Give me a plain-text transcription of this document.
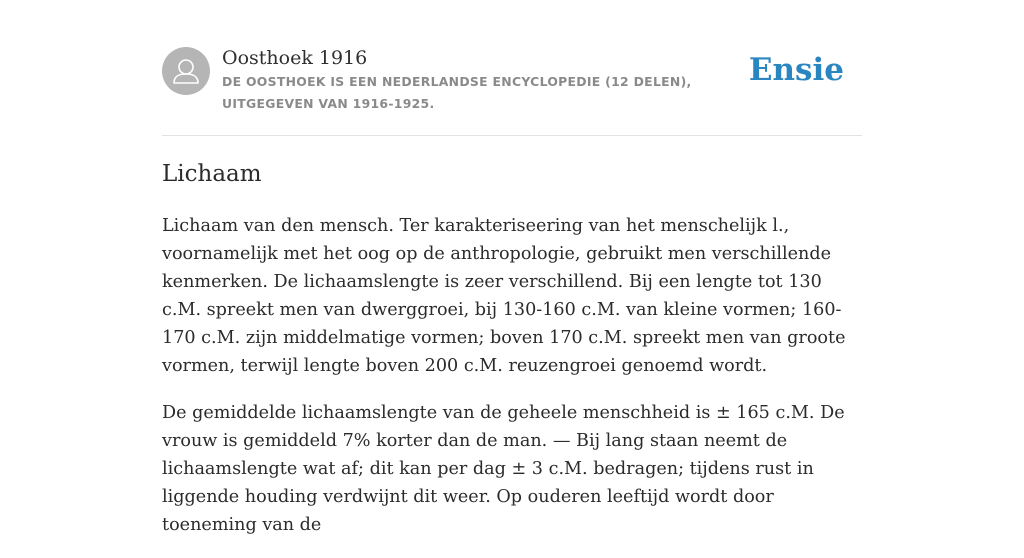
Oosthoek 1916
DE OOSTHOEK IS EEN NEDERLANDSE ENCYCLOPEDIE (12 DELEN), UITGEGEVEN VAN 1916-1925.
Ensie
Lichaam

Lichaam van den mensch. Ter karakteriseering van het menschelijk l., voornamelijk met het oog op de anthropologie, gebruikt men verschillende kenmerken. De lichaamslengte is zeer verschillend. Bij een lengte tot 130 c.M. spreekt men van dwerggroei, bij 130-160 c.M. van kleine vormen; 160-170 c.M. zijn middelmatige vormen; boven 170 c.M. spreekt men van groote vormen, terwijl lengte boven 200 c.M. reuzengroei genoemd wordt.

De gemiddelde lichaamslengte van de geheele menschheid is ± 165 c.M. De vrouw is gemiddeld 7% korter dan de man. — Bij lang staan neemt de lichaamslengte wat af; dit kan per dag ± 3 c.M. bedragen; tijdens rust in liggende houding verdwijnt dit weer. Op ouderen leeftijd wordt door toeneming van de
